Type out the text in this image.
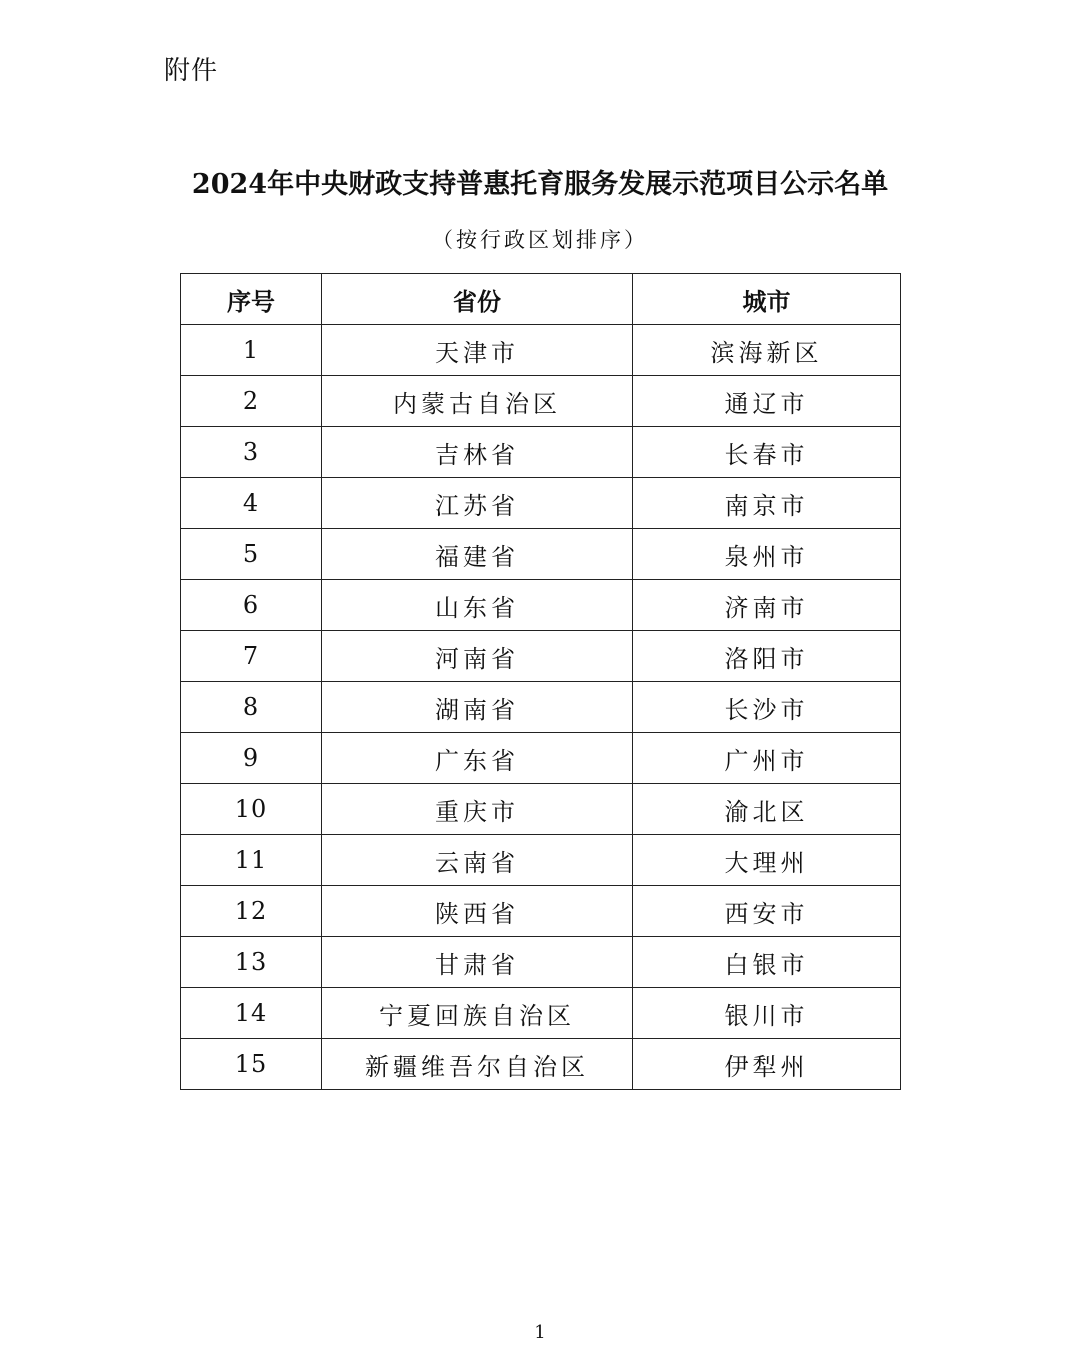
附件
2024年中央财政支持普惠托育服务发展示范项目公示名单
（按行政区划排序）
序号	省份	城市
1	天津市	滨海新区
2	内蒙古自治区	通辽市
3	吉林省	长春市
4	江苏省	南京市
5	福建省	泉州市
6	山东省	济南市
7	河南省	洛阳市
8	湖南省	长沙市
9	广东省	广州市
10	重庆市	渝北区
11	云南省	大理州
12	陕西省	西安市
13	甘肃省	白银市
14	宁夏回族自治区	银川市
15	新疆维吾尔自治区	伊犁州
1
